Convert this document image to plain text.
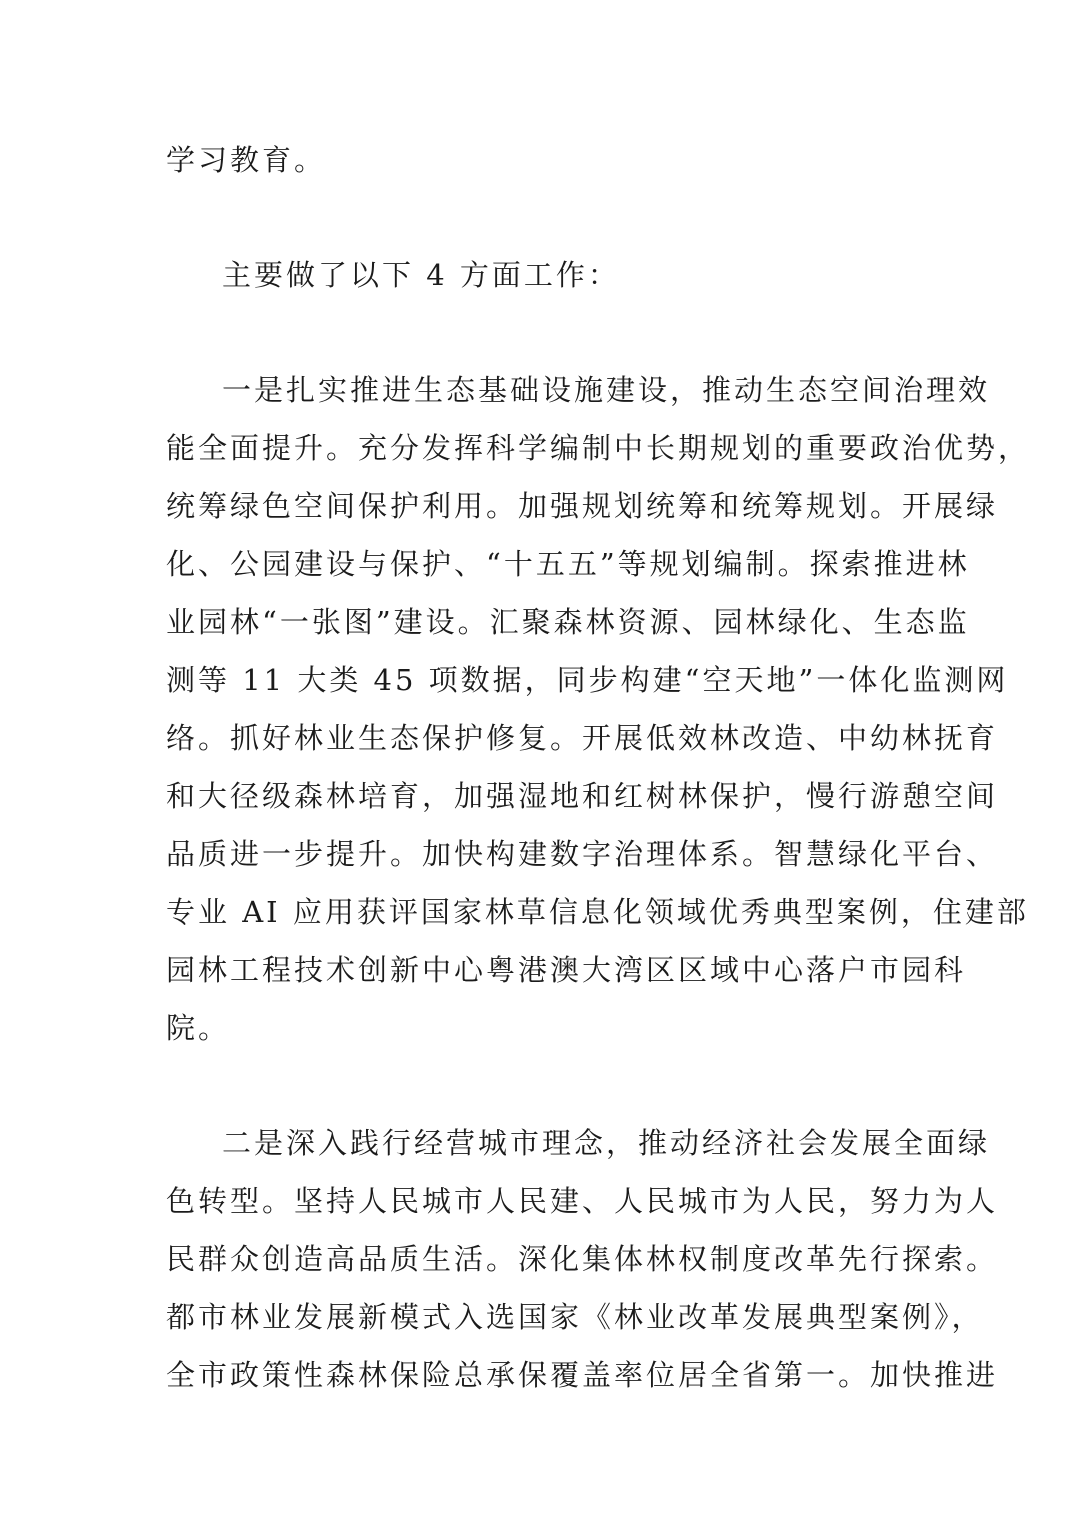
学习教育。
主要做了以下 4 方面工作：
一是扎实推进生态基础设施建设，推动生态空间治理效
能全面提升。充分发挥科学编制中长期规划的重要政治优势，
统筹绿色空间保护利用。加强规划统筹和统筹规划。开展绿
化、公园建设与保护、“十五五”等规划编制。探索推进林
业园林“一张图”建设。汇聚森林资源、园林绿化、生态监
测等 11 大类 45 项数据，同步构建“空天地”一体化监测网
络。抓好林业生态保护修复。开展低效林改造、中幼林抚育
和大径级森林培育，加强湿地和红树林保护，慢行游憩空间
品质进一步提升。加快构建数字治理体系。智慧绿化平台、
专业 AI 应用获评国家林草信息化领域优秀典型案例，住建部
园林工程技术创新中心粤港澳大湾区区域中心落户市园科
院。
二是深入践行经营城市理念，推动经济社会发展全面绿
色转型。坚持人民城市人民建、人民城市为人民，努力为人
民群众创造高品质生活。深化集体林权制度改革先行探索。
都市林业发展新模式入选国家《林业改革发展典型案例》，
全市政策性森林保险总承保覆盖率位居全省第一。加快推进
